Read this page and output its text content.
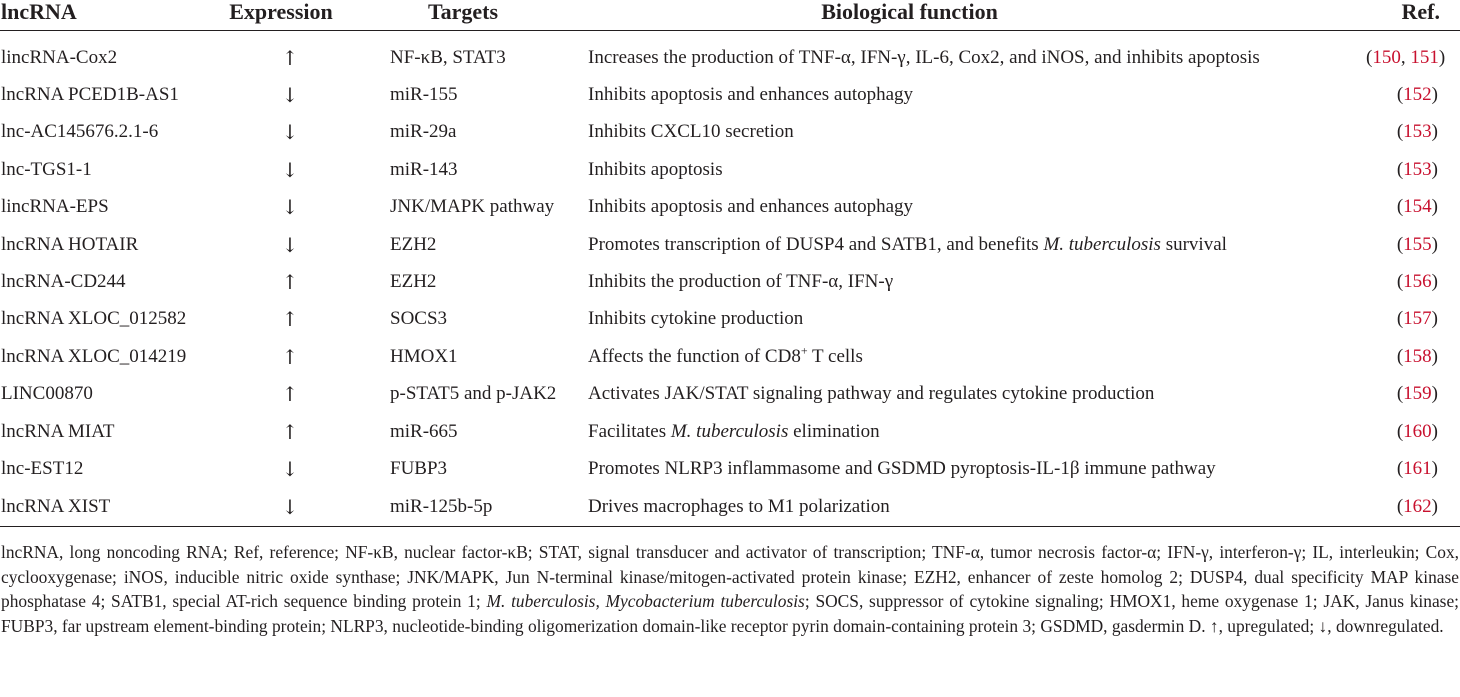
lncRNA	Expression	Targets	Biological function	Ref.

lincRNA-Cox2	↑	NF-κB, STAT3	Increases the production of TNF-α, IFN-γ, IL-6, Cox2, and iNOS, and inhibits apoptosis	(150, 151)
lncRNA PCED1B-AS1	↓	miR-155	Inhibits apoptosis and enhances autophagy	(152)
lnc-AC145676.2.1-6	↓	miR-29a	Inhibits CXCL10 secretion	(153)
lnc-TGS1-1	↓	miR-143	Inhibits apoptosis	(153)
lincRNA-EPS	↓	JNK/MAPK pathway	Inhibits apoptosis and enhances autophagy	(154)
lncRNA HOTAIR	↓	EZH2	Promotes transcription of DUSP4 and SATB1, and benefits M. tuberculosis survival	(155)
lncRNA-CD244	↑	EZH2	Inhibits the production of TNF-α, IFN-γ	(156)
lncRNA XLOC_012582	↑	SOCS3	Inhibits cytokine production	(157)
lncRNA XLOC_014219	↑	HMOX1	Affects the function of CD8+ T cells	(158)
LINC00870	↑	p-STAT5 and p-JAK2	Activates JAK/STAT signaling pathway and regulates cytokine production	(159)
lncRNA MIAT	↑	miR-665	Facilitates M. tuberculosis elimination	(160)
lnc-EST12	↓	FUBP3	Promotes NLRP3 inflammasome and GSDMD pyroptosis-IL-1β immune pathway	(161)
lncRNA XIST	↓	miR-125b-5p	Drives macrophages to M1 polarization	(162)
lncRNA, long noncoding RNA; Ref, reference; NF-κB, nuclear factor-κB; STAT, signal transducer and activator of transcription; TNF-α, tumor necrosis factor-α; IFN-γ, interferon-γ; IL, interleukin; Cox, cyclooxygenase; iNOS, inducible nitric oxide synthase; JNK/MAPK, Jun N-terminal kinase/mitogen-activated protein kinase; EZH2, enhancer of zeste homolog 2; DUSP4, dual specificity MAP kinase phosphatase 4; SATB1, special AT-rich sequence binding protein 1; M. tuberculosis, Mycobacterium tuberculosis; SOCS, suppressor of cytokine signaling; HMOX1, heme oxygenase 1; JAK, Janus kinase; FUBP3, far upstream element-binding protein; NLRP3, nucleotide-binding oligomerization domain-like receptor pyrin domain-containing protein 3; GSDMD, gasdermin D. ↑, upregulated; ↓, downregulated.
